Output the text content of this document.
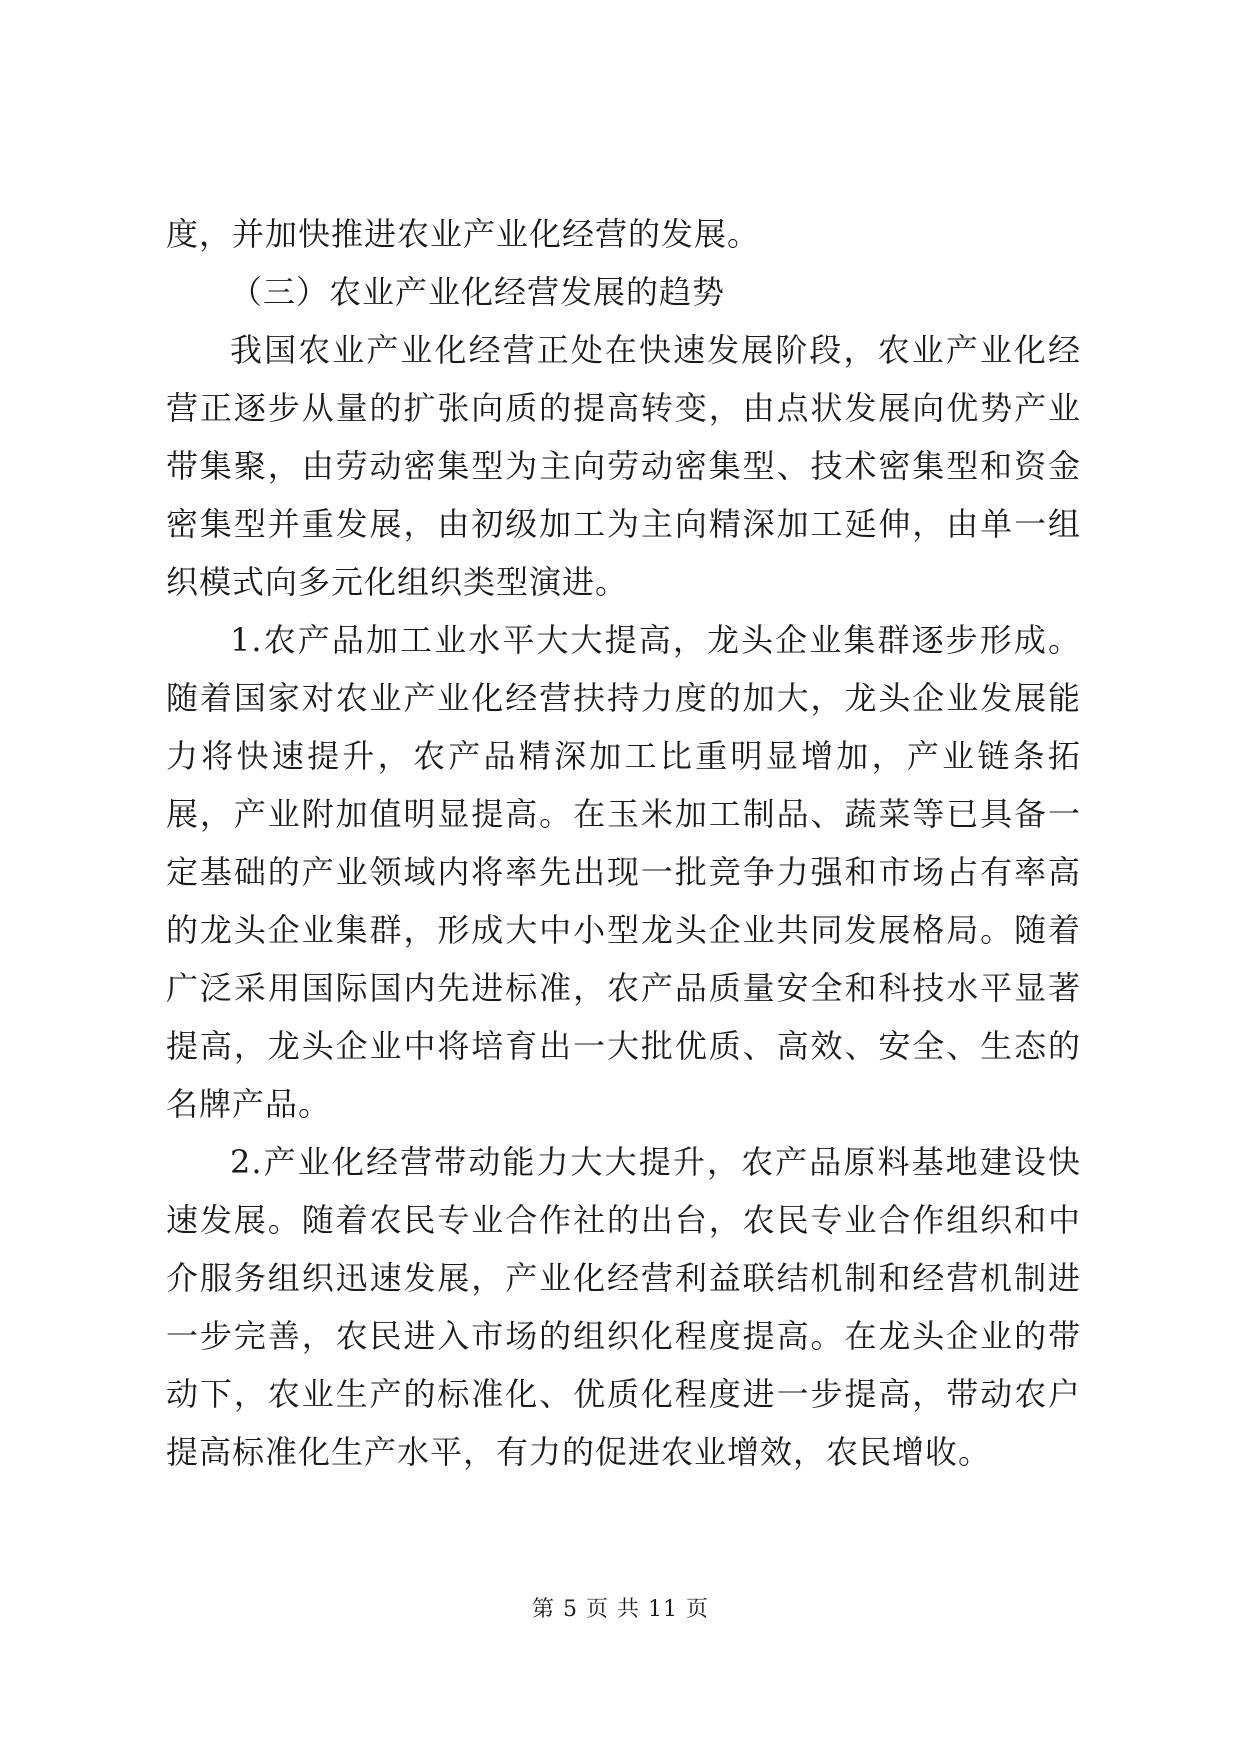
度，并加快推进农业产业化经营的发展。

（三）农业产业化经营发展的趋势

我国农业产业化经营正处在快速发展阶段，农业产业化经营正逐步从量的扩张向质的提高转变，由点状发展向优势产业带集聚，由劳动密集型为主向劳动密集型、技术密集型和资金密集型并重发展，由初级加工为主向精深加工延伸，由单一组织模式向多元化组织类型演进。

1.农产品加工业水平大大提高，龙头企业集群逐步形成。随着国家对农业产业化经营扶持力度的加大，龙头企业发展能力将快速提升，农产品精深加工比重明显增加，产业链条拓展，产业附加值明显提高。在玉米加工制品、蔬菜等已具备一定基础的产业领域内将率先出现一批竞争力强和市场占有率高的龙头企业集群，形成大中小型龙头企业共同发展格局。随着广泛采用国际国内先进标准，农产品质量安全和科技水平显著提高，龙头企业中将培育出一大批优质、高效、安全、生态的名牌产品。

2.产业化经营带动能力大大提升，农产品原料基地建设快速发展。随着农民专业合作社的出台，农民专业合作组织和中介服务组织迅速发展，产业化经营利益联结机制和经营机制进一步完善，农民进入市场的组织化程度提高。在龙头企业的带动下，农业生产的标准化、优质化程度进一步提高，带动农户提高标准化生产水平，有力的促进农业增效，农民增收。

第 5 页 共 11 页
